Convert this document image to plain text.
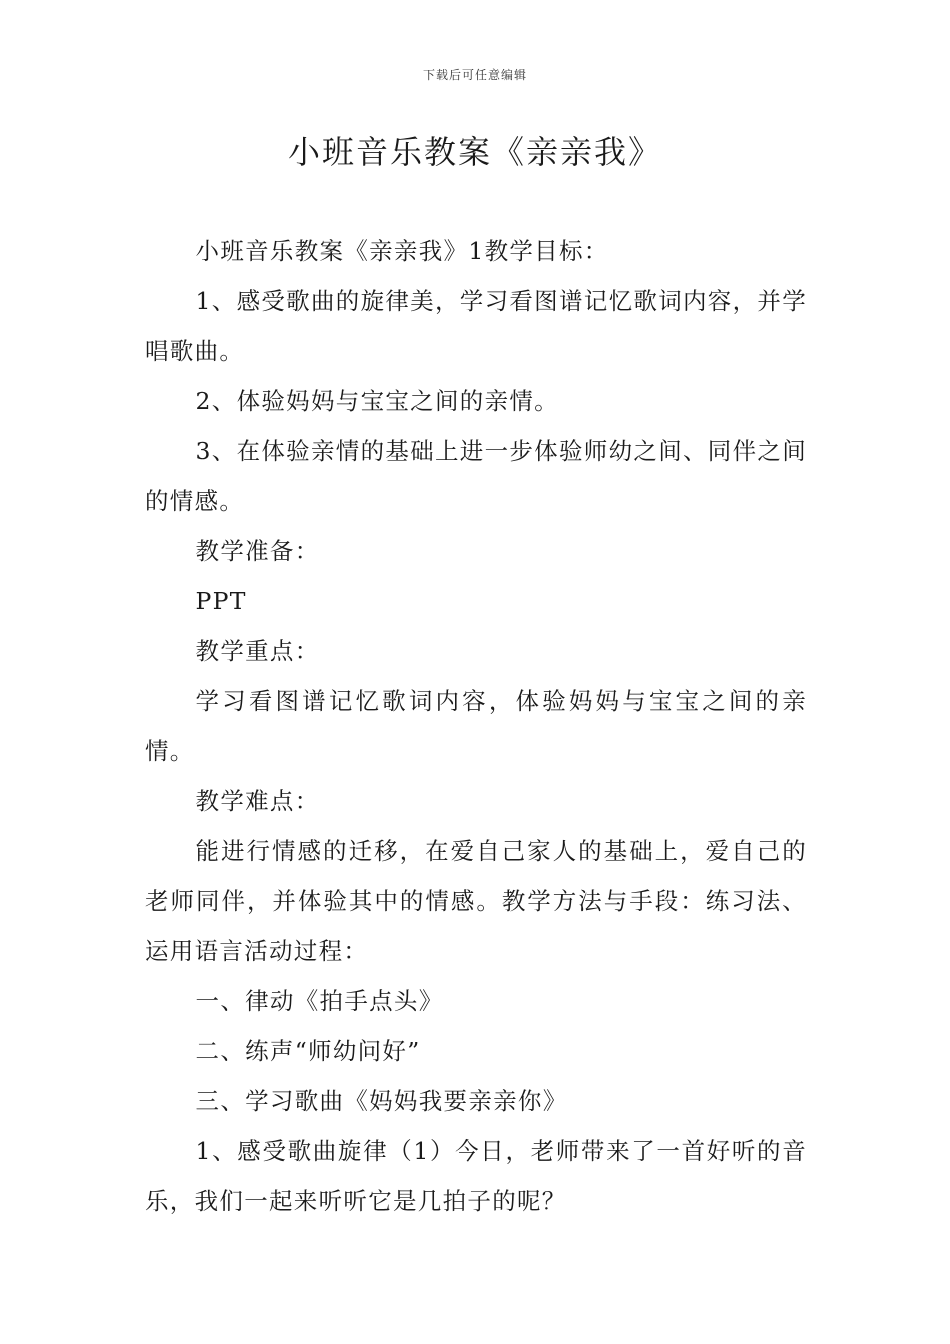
下载后可任意编辑
小班音乐教案《亲亲我》

小班音乐教案《亲亲我》1教学目标：

1、感受歌曲的旋律美，学习看图谱记忆歌词内容，并学唱歌曲。

2、体验妈妈与宝宝之间的亲情。

3、在体验亲情的基础上进一步体验师幼之间、同伴之间的情感。

教学准备：

PPT

教学重点：

学习看图谱记忆歌词内容，体验妈妈与宝宝之间的亲情。

教学难点：

能进行情感的迁移，在爱自己家人的基础上，爱自己的老师同伴，并体验其中的情感。教学方法与手段：练习法、运用语言活动过程：

一、律动《拍手点头》

二、练声“师幼问好”

三、学习歌曲《妈妈我要亲亲你》

1、感受歌曲旋律（1）今日，老师带来了一首好听的音乐，我们一起来听听它是几拍子的呢？
